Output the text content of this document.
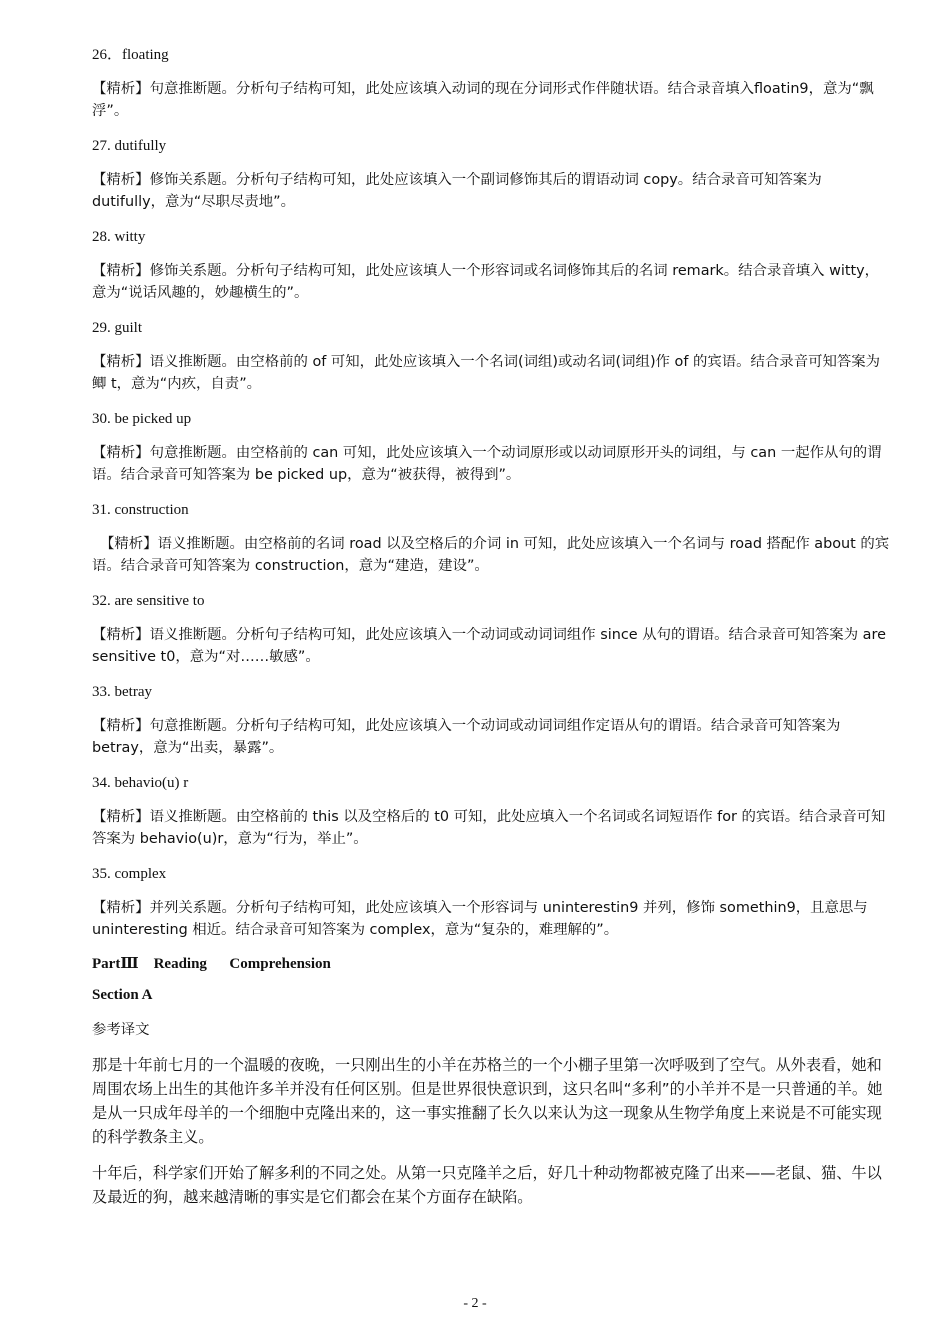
26．floating

【精析】句意推断题。分析句子结构可知，此处应该填入动词的现在分词形式作伴随状语。结合录音填入floatin9，意为“飘浮”。

27. dutifully

【精析】修饰关系题。分析句子结构可知，此处应该填入一个副词修饰其后的谓语动词 copy。结合录音可知答案为 dutifully，意为“尽职尽责地”。

28. witty

【精析】修饰关系题。分析句子结构可知，此处应该填人一个形容词或名词修饰其后的名词 remark。结合录音填入 witty，意为“说话风趣的，妙趣横生的”。

29. guilt

【精析】语义推断题。由空格前的 of 可知，此处应该填入一个名词(词组)或动名词(词组)作 of 的宾语。结合录音可知答案为鲫 t，意为“内疚，自责”。

30. be picked up

【精析】句意推断题。由空格前的 can 可知，此处应该填入一个动词原形或以动词原形开头的词组，与 can 一起作从句的谓语。结合录音可知答案为 be picked up，意为“被获得，被得到”。

31. construction

【精析】语义推断题。由空格前的名词 road 以及空格后的介词 in 可知，此处应该填入一个名词与 road 搭配作 about 的宾语。结合录音可知答案为 construction，意为“建造，建设”。

32. are sensitive to

【精析】语义推断题。分析句子结构可知，此处应该填入一个动词或动词词组作 since 从句的谓语。结合录音可知答案为 are sensitive t0，意为“对……敏感”。

33. betray

【精析】句意推断题。分析句子结构可知，此处应该填入一个动词或动词词组作定语从句的谓语。结合录音可知答案为 betray，意为“出卖，暴露”。

34. behavio(u) r

【精析】语义推断题。由空格前的 this 以及空格后的 t0 可知，此处应填入一个名词或名词短语作 for 的宾语。结合录音可知答案为 behavio(u)r，意为“行为，举止”。

35. complex

【精析】并列关系题。分析句子结构可知，此处应该填入一个形容词与 uninterestin9 并列，修饰 somethin9，且意思与 uninteresting 相近。结合录音可知答案为 complex，意为“复杂的，难理解的”。

PartⅢ    Reading      Comprehension

Section A

参考译文

那是十年前七月的一个温暖的夜晚，一只刚出生的小羊在苏格兰的一个小棚子里第一次呼吸到了空气。从外表看，她和周围农场上出生的其他许多羊并没有任何区别。但是世界很快意识到，这只名叫“多利”的小羊并不是一只普通的羊。她是从一只成年母羊的一个细胞中克隆出来的，这一事实推翻了长久以来认为这一现象从生物学角度上来说是不可能实现的科学教条主义。

十年后，科学家们开始了解多利的不同之处。从第一只克隆羊之后，好几十种动物都被克隆了出来——老鼠、猫、牛以及最近的狗，越来越清晰的事实是它们都会在某个方面存在缺陷。

- 2 -
